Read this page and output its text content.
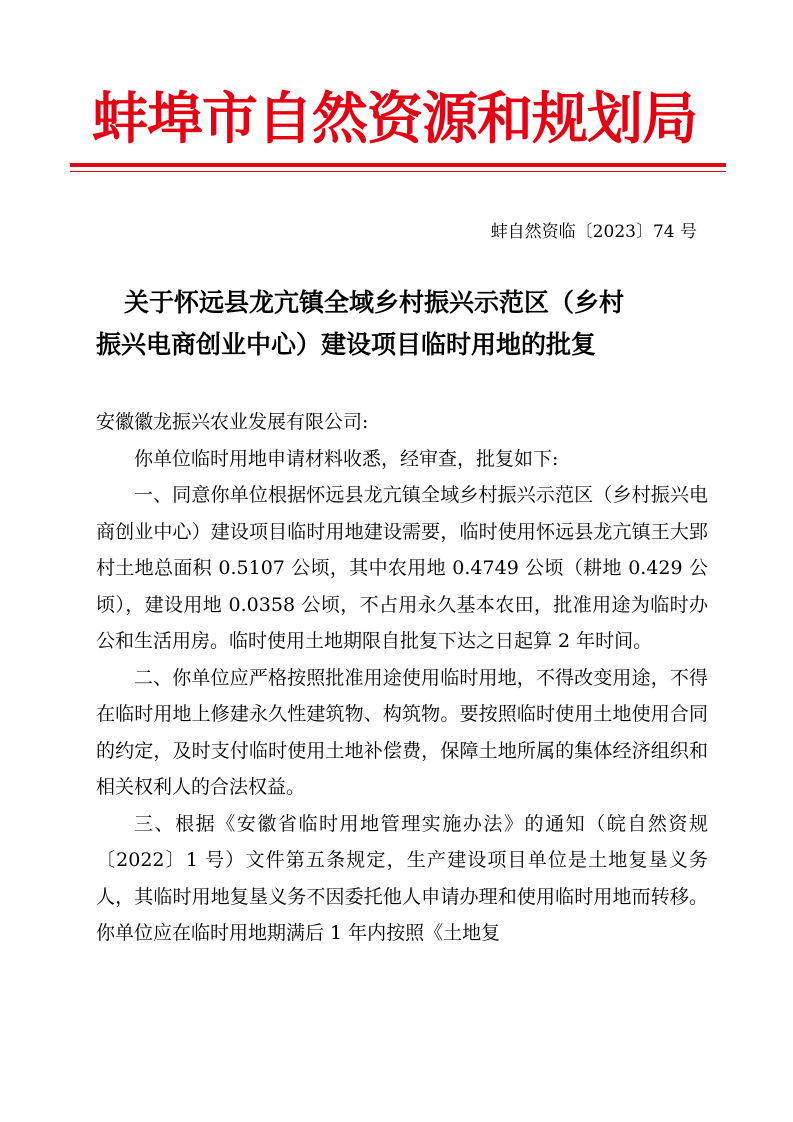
蚌埠市自然资源和规划局
蚌自然资临〔2023〕74 号
关于怀远县龙亢镇全域乡村振兴示范区（乡村
振兴电商创业中心）建设项目临时用地的批复

安徽徽龙振兴农业发展有限公司:

你单位临时用地申请材料收悉，经审查，批复如下:

一、同意你单位根据怀远县龙亢镇全域乡村振兴示范区（乡村振兴电商创业中心）建设项目临时用地建设需要，临时使用怀远县龙亢镇王大郢村土地总面积 0.5107 公顷，其中农用地 0.4749 公顷（耕地 0.429 公顷），建设用地 0.0358 公顷，不占用永久基本农田，批准用途为临时办公和生活用房。临时使用土地期限自批复下达之日起算 2 年时间。

二、你单位应严格按照批准用途使用临时用地，不得改变用途，不得在临时用地上修建永久性建筑物、构筑物。要按照临时使用土地使用合同的约定，及时支付临时使用土地补偿费，保障土地所属的集体经济组织和相关权利人的合法权益。

三、根据《安徽省临时用地管理实施办法》的通知（皖自然资规〔2022〕1 号）文件第五条规定，生产建设项目单位是土地复垦义务人，其临时用地复垦义务不因委托他人申请办理和使用临时用地而转移。你单位应在临时用地期满后 1 年内按照《土地复
